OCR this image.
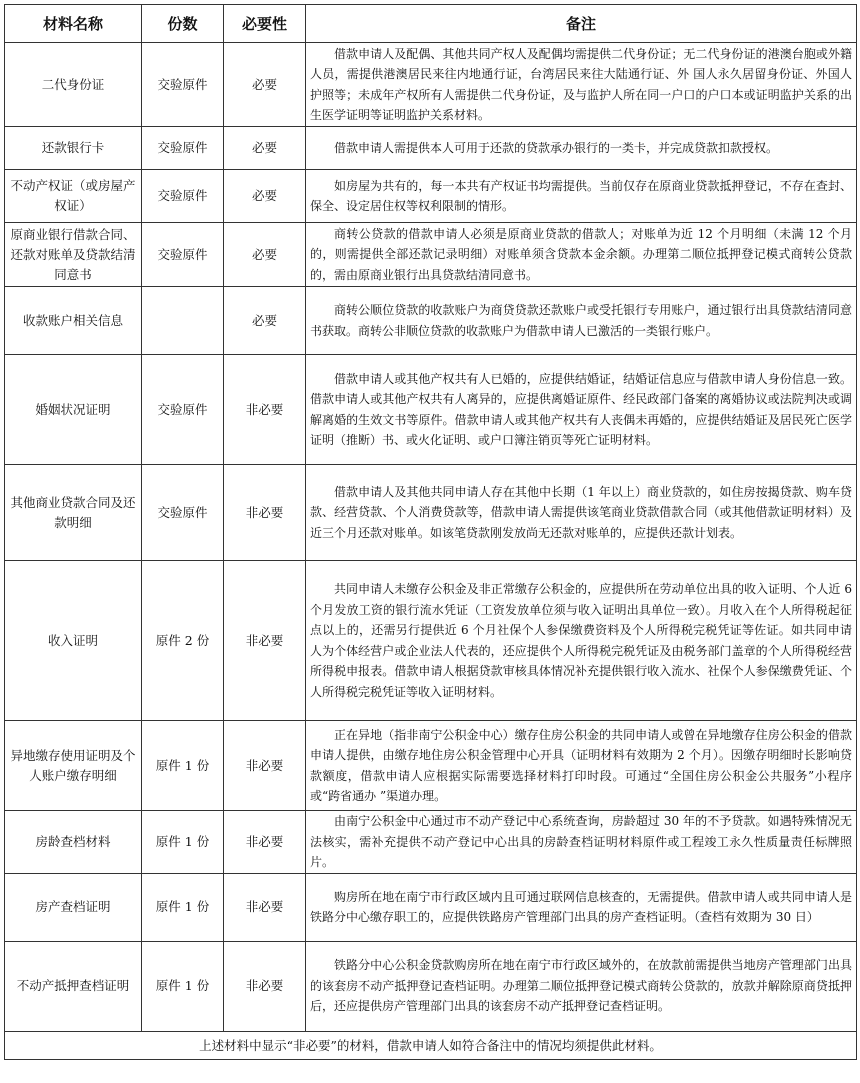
材料名称	份数	必要性	备注
二代身份证	交验原件	必要	借款申请人及配偶、其他共同产权人及配偶均需提供二代身份证；无二代身份证的港澳台胞或外籍人员，需提供港澳居民来往内地通行证，台湾居民来往大陆通行证、外 国人永久居留身份证、外国人护照等；未成年产权所有人需提供二代身份证，及与监护人所在同一户口的户口本或证明监护关系的出生医学证明等证明监护关系材料。
还款银行卡	交验原件	必要	借款申请人需提供本人可用于还款的贷款承办银行的一类卡，并完成贷款扣款授权。
不动产权证（或房屋产权证）	交验原件	必要	如房屋为共有的，每一本共有产权证书均需提供。当前仅存在原商业贷款抵押登记，不存在查封、保全、设定居住权等权利限制的情形。
原商业银行借款合同、还款对账单及贷款结清同意书	交验原件	必要	商转公贷款的借款申请人必须是原商业贷款的借款人；对账单为近 12 个月明细（未满 12 个月的，则需提供全部还款记录明细）对账单须含贷款本金余额。办理第二顺位抵押登记模式商转公贷款的，需由原商业银行出具贷款结清同意书。
收款账户相关信息		必要	商转公顺位贷款的收款账户为商贷贷款还款账户或受托银行专用账户，通过银行出具贷款结清同意书获取。商转公非顺位贷款的收款账户为借款申请人已激活的一类银行账户。
婚姻状况证明	交验原件	非必要	借款申请人或其他产权共有人已婚的，应提供结婚证，结婚证信息应与借款申请人身份信息一致。借款申请人或其他产权共有人离异的，应提供离婚证原件、经民政部门备案的离婚协议或法院判决或调解离婚的生效文书等原件。借款申请人或其他产权共有人丧偶未再婚的，应提供结婚证及居民死亡医学证明（推断）书、或火化证明、或户口簿注销页等死亡证明材料。
其他商业贷款合同及还款明细	交验原件	非必要	借款申请人及其他共同申请人存在其他中长期（1 年以上）商业贷款的，如住房按揭贷款、购车贷款、经营贷款、个人消费贷款等，借款申请人需提供该笔商业贷款借款合同（或其他借款证明材料）及近三个月还款对账单。如该笔贷款刚发放尚无还款对账单的，应提供还款计划表。
收入证明	原件 2 份	非必要	共同申请人未缴存公积金及非正常缴存公积金的，应提供所在劳动单位出具的收入证明、个人近 6 个月发放工资的银行流水凭证（工资发放单位须与收入证明出具单位一致）。月收入在个人所得税起征点以上的，还需另行提供近 6 个月社保个人参保缴费资料及个人所得税完税凭证等佐证。如共同申请人为个体经营户或企业法人代表的，还应提供个人所得税完税凭证及由税务部门盖章的个人所得税经营所得税申报表。借款申请人根据贷款审核具体情况补充提供银行收入流水、社保个人参保缴费凭证、个人所得税完税凭证等收入证明材料。
异地缴存使用证明及个人账户缴存明细	原件 1 份	非必要	正在异地（指非南宁公积金中心）缴存住房公积金的共同申请人或曾在异地缴存住房公积金的借款申请人提供，由缴存地住房公积金管理中心开具（证明材料有效期为 2 个月）。因缴存明细时长影响贷款额度，借款申请人应根据实际需要选择材料打印时段。可通过“全国住房公积金公共服务”小程序或“跨省通办 ”渠道办理。
房龄查档材料	原件 1 份	非必要	由南宁公积金中心通过市不动产登记中心系统查询，房龄超过 30 年的不予贷款。如遇特殊情况无法核实，需补充提供不动产登记中心出具的房龄查档证明材料原件或工程竣工永久性质量责任标牌照片。
房产查档证明	原件 1 份	非必要	购房所在地在南宁市行政区域内且可通过联网信息核查的，无需提供。借款申请人或共同申请人是铁路分中心缴存职工的，应提供铁路房产管理部门出具的房产查档证明。（查档有效期为 30 日）
不动产抵押查档证明	原件 1 份	非必要	铁路分中心公积金贷款购房所在地在南宁市行政区域外的，在放款前需提供当地房产管理部门出具的该套房不动产抵押登记查档证明。办理第二顺位抵押登记模式商转公贷款的，放款并解除原商贷抵押后，还应提供房产管理部门出具的该套房不动产抵押登记查档证明。
上述材料中显示“非必要”的材料，借款申请人如符合备注中的情况均须提供此材料。			
